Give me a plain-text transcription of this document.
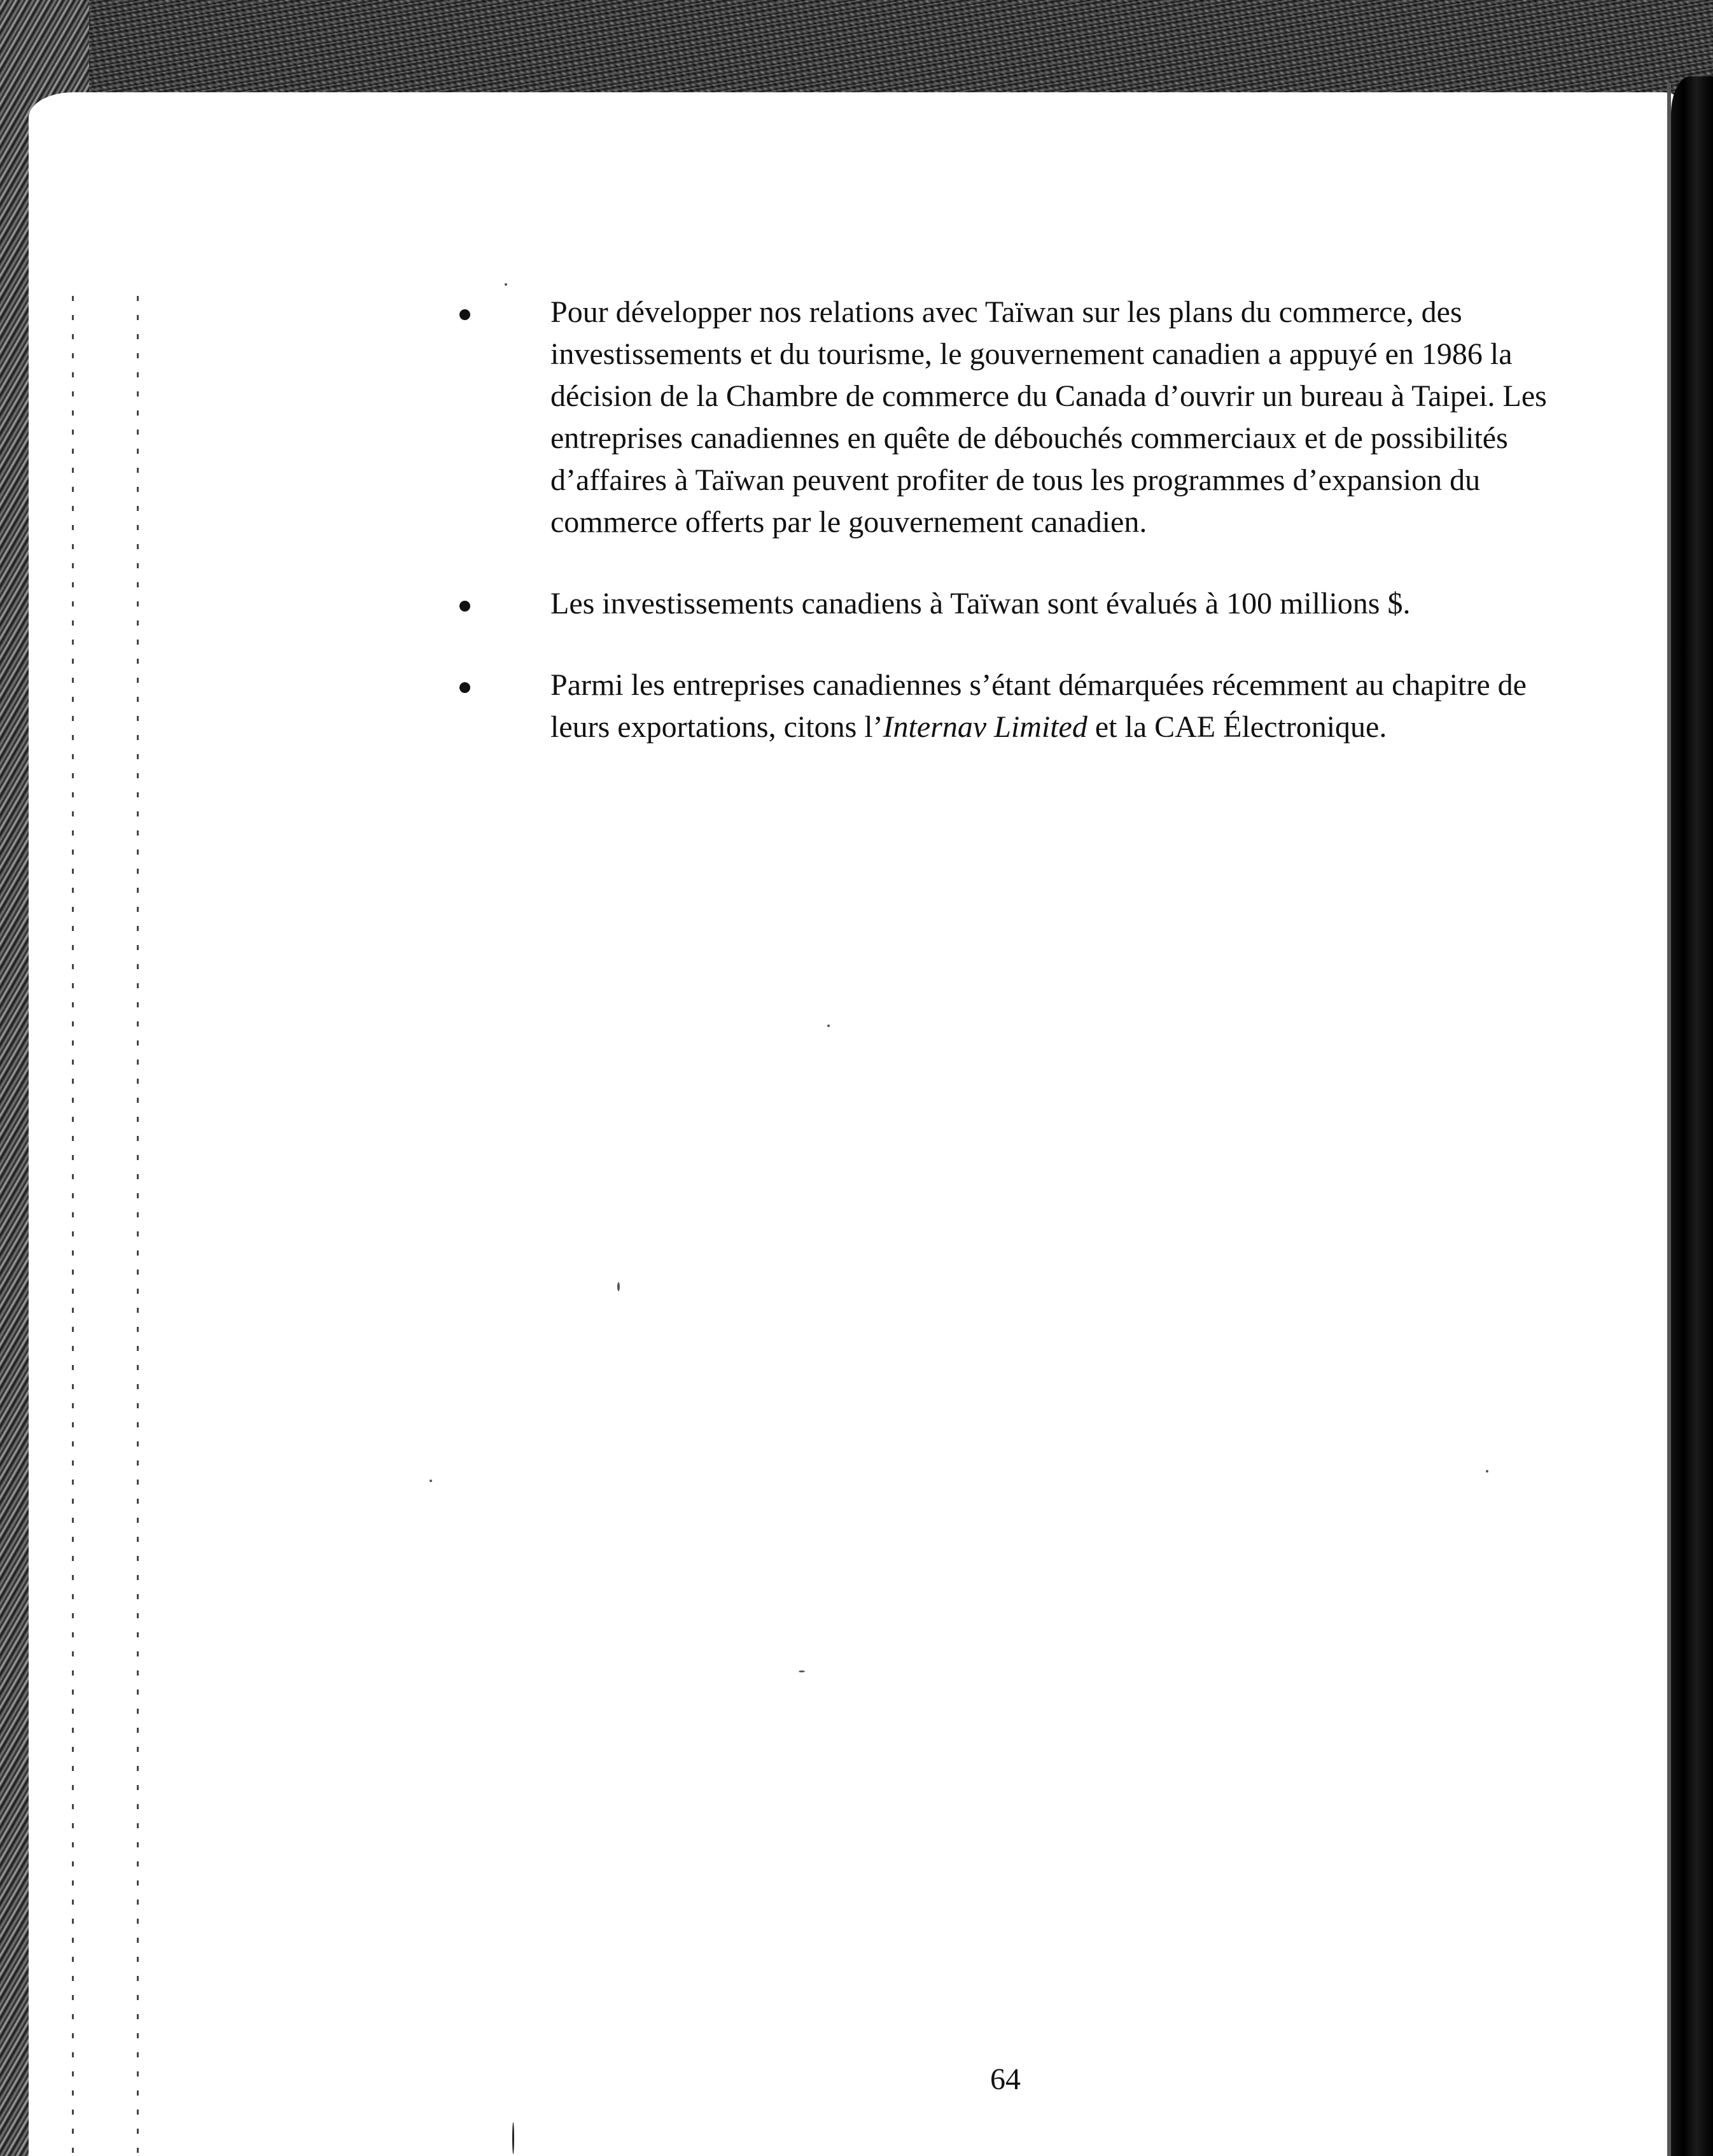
Pour développer nos relations avec Taïwan sur les plans du commerce, des investissements et du tourisme, le gouvernement canadien a appuyé en 1986 la décision de la Chambre de commerce du Canada d’ouvrir un bureau à Taipei. Les entreprises canadiennes en quête de débouchés commerciaux et de possibilités d’affaires à Taïwan peuvent profiter de tous les programmes d’expansion du commerce offerts par le gouvernement canadien.
Les investissements canadiens à Taïwan sont évalués à 100 millions $.
Parmi les entreprises canadiennes s’étant démarquées récemment au chapitre de leurs exportations, citons l’Internav Limited et la CAE Électronique.
64
